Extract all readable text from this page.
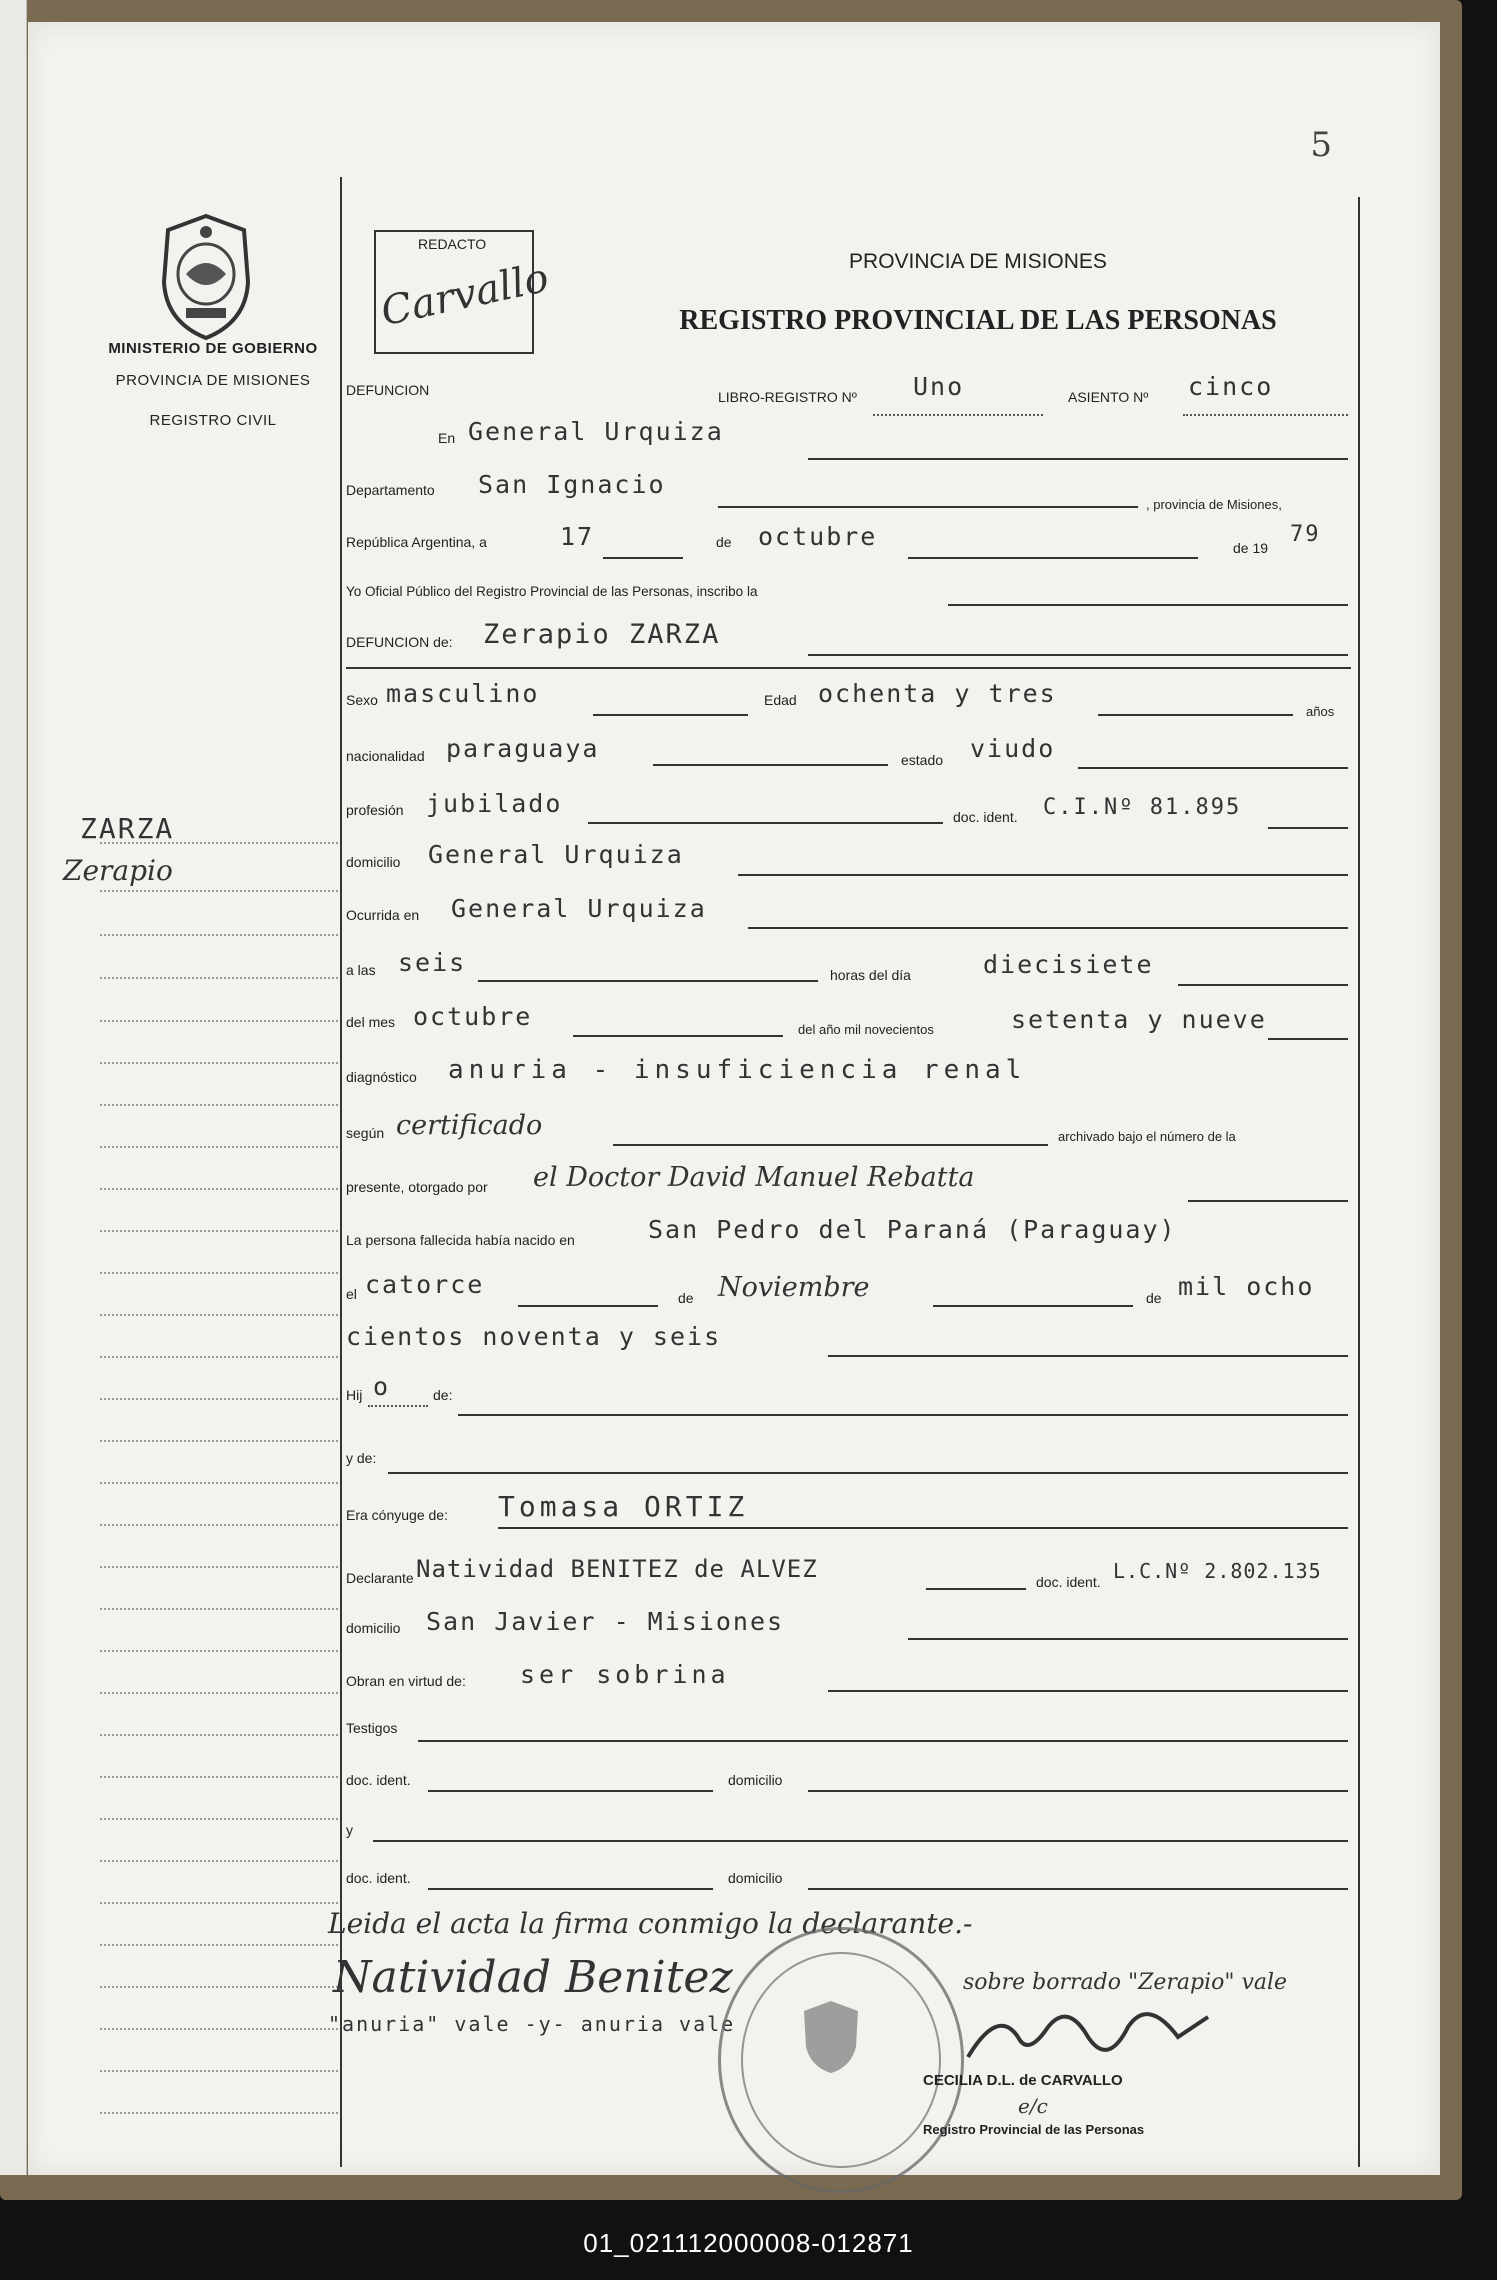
5
MINISTERIO DE GOBIERNO
PROVINCIA DE MISIONES
REGISTRO CIVIL
ZARZA
Zerapio
REDACTO
Carvallo	PROVINCIA DE MISIONES
REGISTRO PROVINCIAL DE LAS PERSONAS
DEFUNCION	LIBRO-REGISTRO Nº Uno	ASIENTO Nº cinco
En General Urquiza
Departamento San Ignacio
, provincia de Misiones,
República Argentina, a	17	de octubre	de 19
79
Yo Oficial Público del Registro Provincial de las Personas, inscribo la
DEFUNCION de: Zerapio ZARZA
Sexo masculino	Edad ochenta y tres
años
nacionalidad paraguaya	estado viudo
profesión jubilado	doc. ident. C.I.Nº 81.895
domicilio General Urquiza
Ocurrida en General Urquiza
a las seis	horas del día	diecisiete
del mes octubre	del año mil novecientos	setenta y nueve
diagnóstico anuria - insuficiencia renal
según certificado	archivado bajo el número de la
presente, otorgado por el Doctor David Manuel Rebatta
La persona fallecida había nacido en	San Pedro del Paraná (Paraguay)
el catorce	de Noviembre	de mil ocho
cientos noventa y seis
Hij o	de:
y de:
Era cónyuge de: Tomasa ORTIZ
Declarante Natividad BENITEZ de ALVEZ	doc. ident. L.C.Nº 2.802.135
domicilio San Javier - Misiones
Obran en virtud de: ser sobrina
Testigos
doc. ident.	domicilio
y
doc. ident.	domicilio
Leida el acta la firma conmigo la declarante.-
Natividad Benitez	sobre borrado "Zerapio" vale
"anuria" vale -y- anuria vale
CECILIA D.L. de CARVALLO
e/c
Registro Provincial de las Personas
01_021112000008-012871
